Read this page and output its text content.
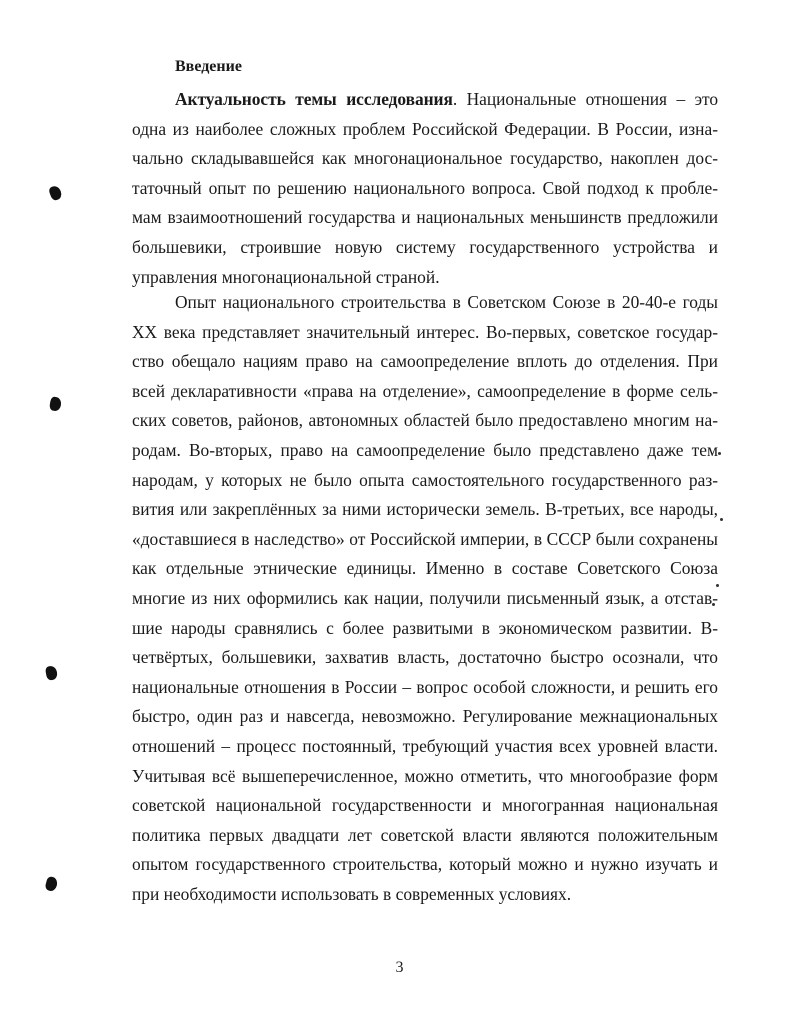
Введение
Актуальность темы исследования. Национальные отношения – это
одна из наиболее сложных проблем Российской Федерации. В России, изна-
чально складывавшейся как многонациональное государство, накоплен дос-
таточный опыт по решению национального вопроса. Свой подход к пробле-
мам взаимоотношений государства и национальных меньшинств предложили
большевики, строившие новую систему государственного устройства и
управления многонациональной страной.
Опыт национального строительства в Советском Союзе в 20-40-е годы
XX века представляет значительный интерес. Во-первых, советское государ-
ство обещало нациям право на самоопределение вплоть до отделения. При
всей декларативности «права на отделение», самоопределение в форме сель-
ских советов, районов, автономных областей было предоставлено многим на-
родам. Во-вторых, право на самоопределение было представлено даже тем
народам, у которых не было опыта самостоятельного государственного раз-
вития или закреплённых за ними исторически земель. В-третьих, все народы,
«доставшиеся в наследство» от Российской империи, в СССР были сохранены
как отдельные этнические единицы. Именно в составе Советского Союза
многие из них оформились как нации, получили письменный язык, а отстав-
шие народы сравнялись с более развитыми в экономическом развитии. В-
четвёртых, большевики, захватив власть, достаточно быстро осознали, что
национальные отношения в России – вопрос особой сложности, и решить его
быстро, один раз и навсегда, невозможно. Регулирование межнациональных
отношений – процесс постоянный, требующий участия всех уровней власти.
Учитывая всё вышеперечисленное, можно отметить, что многообразие форм
советской национальной государственности и многогранная национальная
политика первых двадцати лет советской власти являются положительным
опытом государственного строительства, который можно и нужно изучать и
при необходимости использовать в современных условиях.
3
